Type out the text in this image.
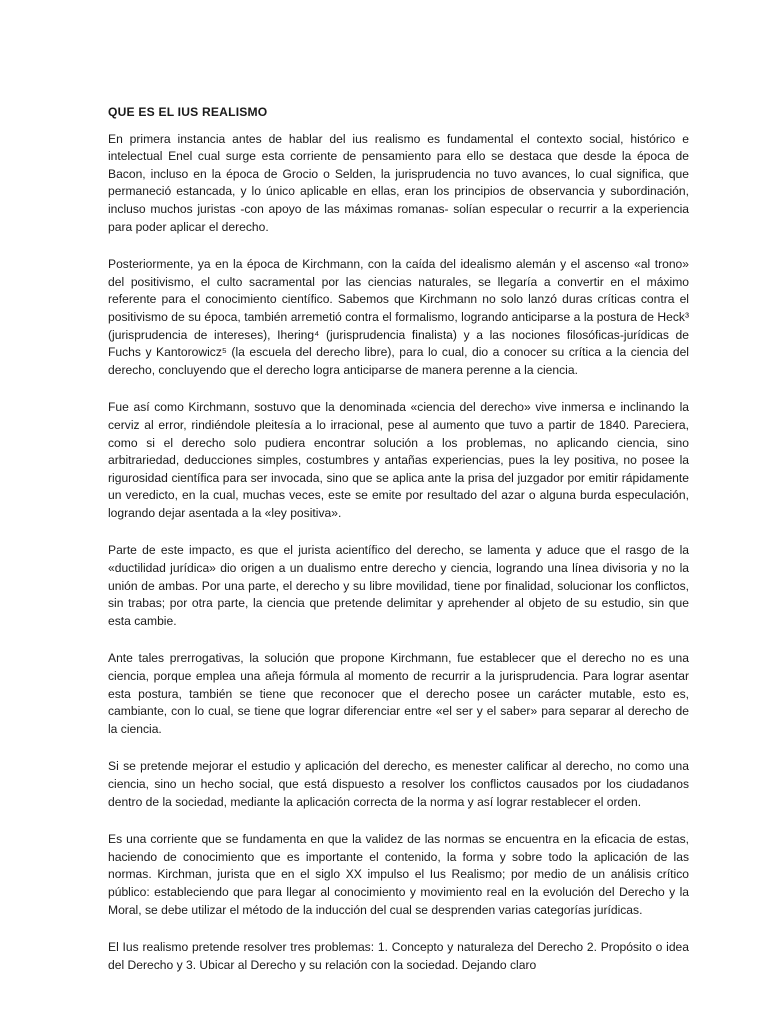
QUE ES EL IUS REALISMO

En primera instancia antes de hablar del ius realismo es fundamental el contexto social, histórico e intelectual Enel cual surge esta corriente de pensamiento para ello se destaca que desde la época de Bacon, incluso en la época de Grocio o Selden, la jurisprudencia no tuvo avances, lo cual significa, que permaneció estancada, y lo único aplicable en ellas, eran los principios de observancia y subordinación, incluso muchos juristas -con apoyo de las máximas romanas- solían especular o recurrir a la experiencia para poder aplicar el derecho.

Posteriormente, ya en la época de Kirchmann, con la caída del idealismo alemán y el ascenso «al trono» del positivismo, el culto sacramental por las ciencias naturales, se llegaría a convertir en el máximo referente para el conocimiento científico. Sabemos que Kirchmann no solo lanzó duras críticas contra el positivismo de su época, también arremetió contra el formalismo, logrando anticiparse a la postura de Heck³ (jurisprudencia de intereses), Ihering⁴ (jurisprudencia finalista) y a las nociones filosóficas-jurídicas de Fuchs y Kantorowicz⁵ (la escuela del derecho libre), para lo cual, dio a conocer su crítica a la ciencia del derecho, concluyendo que el derecho logra anticiparse de manera perenne a la ciencia.

Fue así como Kirchmann, sostuvo que la denominada «ciencia del derecho» vive inmersa e inclinando la cerviz al error, rindiéndole pleitesía a lo irracional, pese al aumento que tuvo a partir de 1840. Pareciera, como si el derecho solo pudiera encontrar solución a los problemas, no aplicando ciencia, sino arbitrariedad, deducciones simples, costumbres y antañas experiencias, pues la ley positiva, no posee la rigurosidad científica para ser invocada, sino que se aplica ante la prisa del juzgador por emitir rápidamente un veredicto, en la cual, muchas veces, este se emite por resultado del azar o alguna burda especulación, logrando dejar asentada a la «ley positiva».

Parte de este impacto, es que el jurista acientífico del derecho, se lamenta y aduce que el rasgo de la «ductilidad jurídica» dio origen a un dualismo entre derecho y ciencia, logrando una línea divisoria y no la unión de ambas. Por una parte, el derecho y su libre movilidad, tiene por finalidad, solucionar los conflictos, sin trabas; por otra parte, la ciencia que pretende delimitar y aprehender al objeto de su estudio, sin que esta cambie.

Ante tales prerrogativas, la solución que propone Kirchmann, fue establecer que el derecho no es una ciencia, porque emplea una añeja fórmula al momento de recurrir a la jurisprudencia. Para lograr asentar esta postura, también se tiene que reconocer que el derecho posee un carácter mutable, esto es, cambiante, con lo cual, se tiene que lograr diferenciar entre «el ser y el saber» para separar al derecho de la ciencia.

Si se pretende mejorar el estudio y aplicación del derecho, es menester calificar al derecho, no como una ciencia, sino un hecho social, que está dispuesto a resolver los conflictos causados por los ciudadanos dentro de la sociedad, mediante la aplicación correcta de la norma y así lograr restablecer el orden.

Es una corriente que se fundamenta en que la validez de las normas se encuentra en la eficacia de estas, haciendo de conocimiento que es importante el contenido, la forma y sobre todo la aplicación de las normas. Kirchman, jurista que en el siglo XX impulso el Ius Realismo; por medio de un análisis crítico público: estableciendo que para llegar al conocimiento y movimiento real en la evolución del Derecho y la Moral, se debe utilizar el método de la inducción del cual se desprenden varias categorías jurídicas.

El Ius realismo pretende resolver tres problemas: 1. Concepto y naturaleza del Derecho 2. Propósito o idea del Derecho y 3. Ubicar al Derecho y su relación con la sociedad. Dejando claro
